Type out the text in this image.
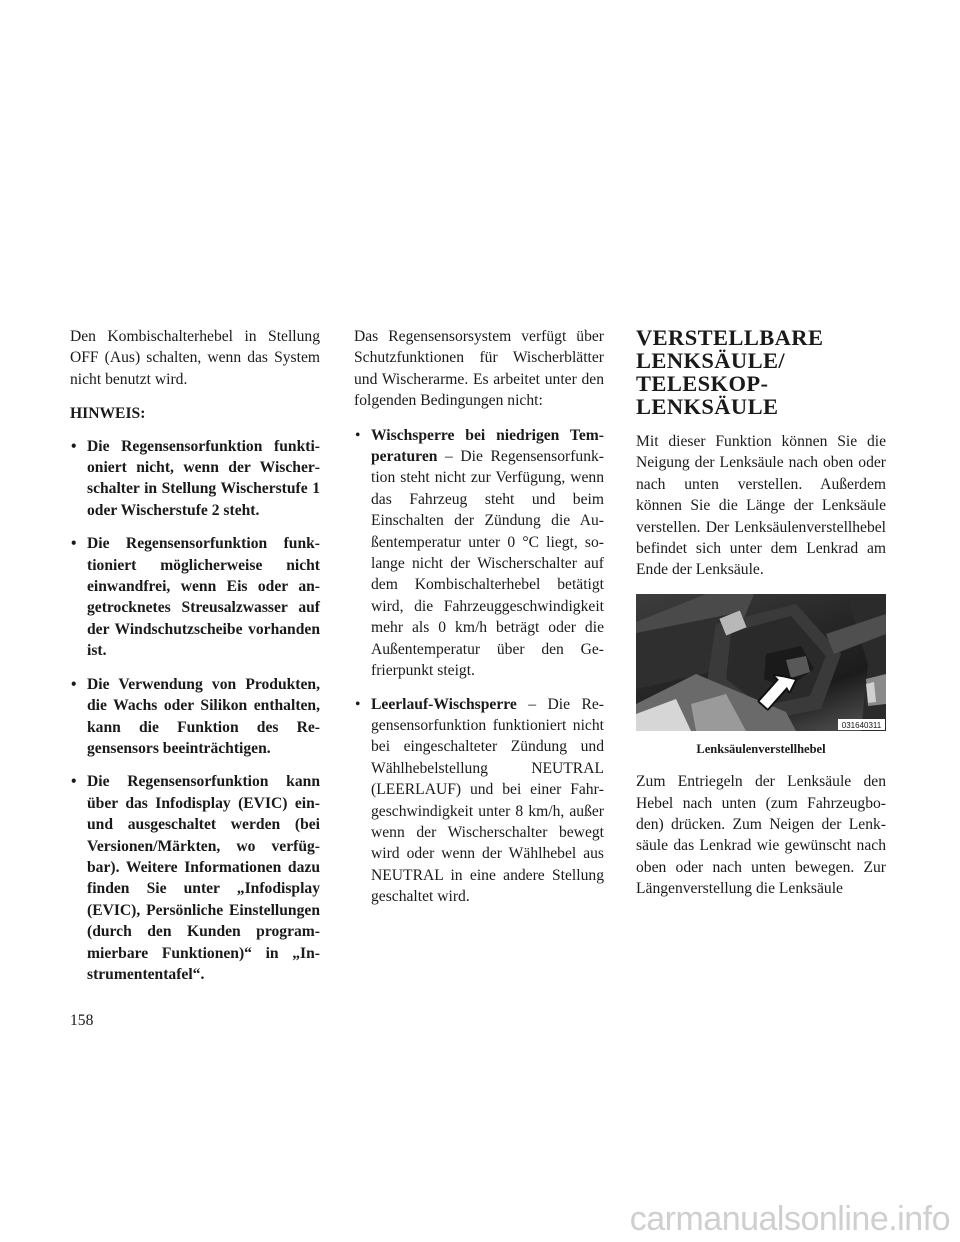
Den Kombischalterhebel in Stellung OFF (Aus) schalten, wenn das System nicht benutzt wird.

HINWEIS:

• Die Regensensorfunktion funktioniert nicht, wenn der Wischerschalter in Stellung Wischerstufe 1 oder Wischerstufe 2 steht.
• Die Regensensorfunktion funktioniert möglicherweise nicht einwandfrei, wenn Eis oder angetrocknetes Streusalzwasser auf der Windschutzscheibe vorhanden ist.
• Die Verwendung von Produkten, die Wachs oder Silikon enthalten, kann die Funktion des Regensensors beeinträchtigen.
• Die Regensensorfunktion kann über das Infodisplay (EVIC) ein- und ausgeschaltet werden (bei Versionen/Märkten, wo verfügbar). Weitere Informationen dazu finden Sie unter „Infodisplay (EVIC), Persönliche Einstellungen (durch den Kunden programmierbare Funktionen)“ in „Instrumententafel“.

Das Regensensorsystem verfügt über Schutzfunktionen für Wischerblätter und Wischerarme. Es arbeitet unter den folgenden Bedingungen nicht:

• Wischsperre bei niedrigen Temperaturen – Die Regensensorfunktion steht nicht zur Verfügung, wenn das Fahrzeug steht und beim Einschalten der Zündung die Außentemperatur unter 0 °C liegt, solange nicht der Wischerschalter auf dem Kombischalterhebel betätigt wird, die Fahrzeuggeschwindigkeit mehr als 0 km/h beträgt oder die Außentemperatur über den Gefrierpunkt steigt.
• Leerlauf-Wischsperre – Die Regensensorfunktion funktioniert nicht bei eingeschalteter Zündung und Wählhebelstellung NEUTRAL (LEERLAUF) und bei einer Fahrgeschwindigkeit unter 8 km/h, außer wenn der Wischerschalter bewegt wird oder wenn der Wählhebel aus NEUTRAL in eine andere Stellung geschaltet wird.
VERSTELLBARE
LENKSÄULE/
TELESKOP-LENKSÄULE

Mit dieser Funktion können Sie die Neigung der Lenksäule nach oben oder nach unten verstellen. Außerdem können Sie die Länge der Lenksäule verstellen. Der Lenksäulenverstellhebel befindet sich unter dem Lenkrad am Ende der Lenksäule.

031640311
Lenksäulenverstellhebel

Zum Entriegeln der Lenksäule den Hebel nach unten (zum Fahrzeugboden) drücken. Zum Neigen der Lenksäule das Lenkrad wie gewünscht nach oben oder nach unten bewegen. Zur Längenverstellung die Lenksäule

158
carmanualsonline.info
